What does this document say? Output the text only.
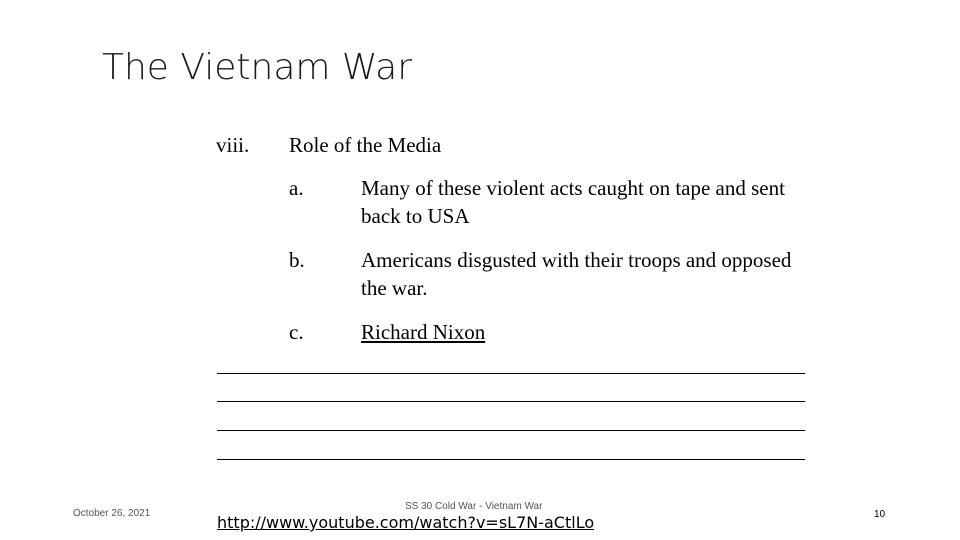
The Vietnam War
viii. Role of the Media
a.	Many of these violent acts caught on tape and sent back to USA
b.	Americans disgusted with their troops and opposed the war.
c.	Richard Nixon
October 26, 2021
SS 30 Cold War - Vietnam War
10
http://www.youtube.com/watch?v=sL7N-aCtlLo
